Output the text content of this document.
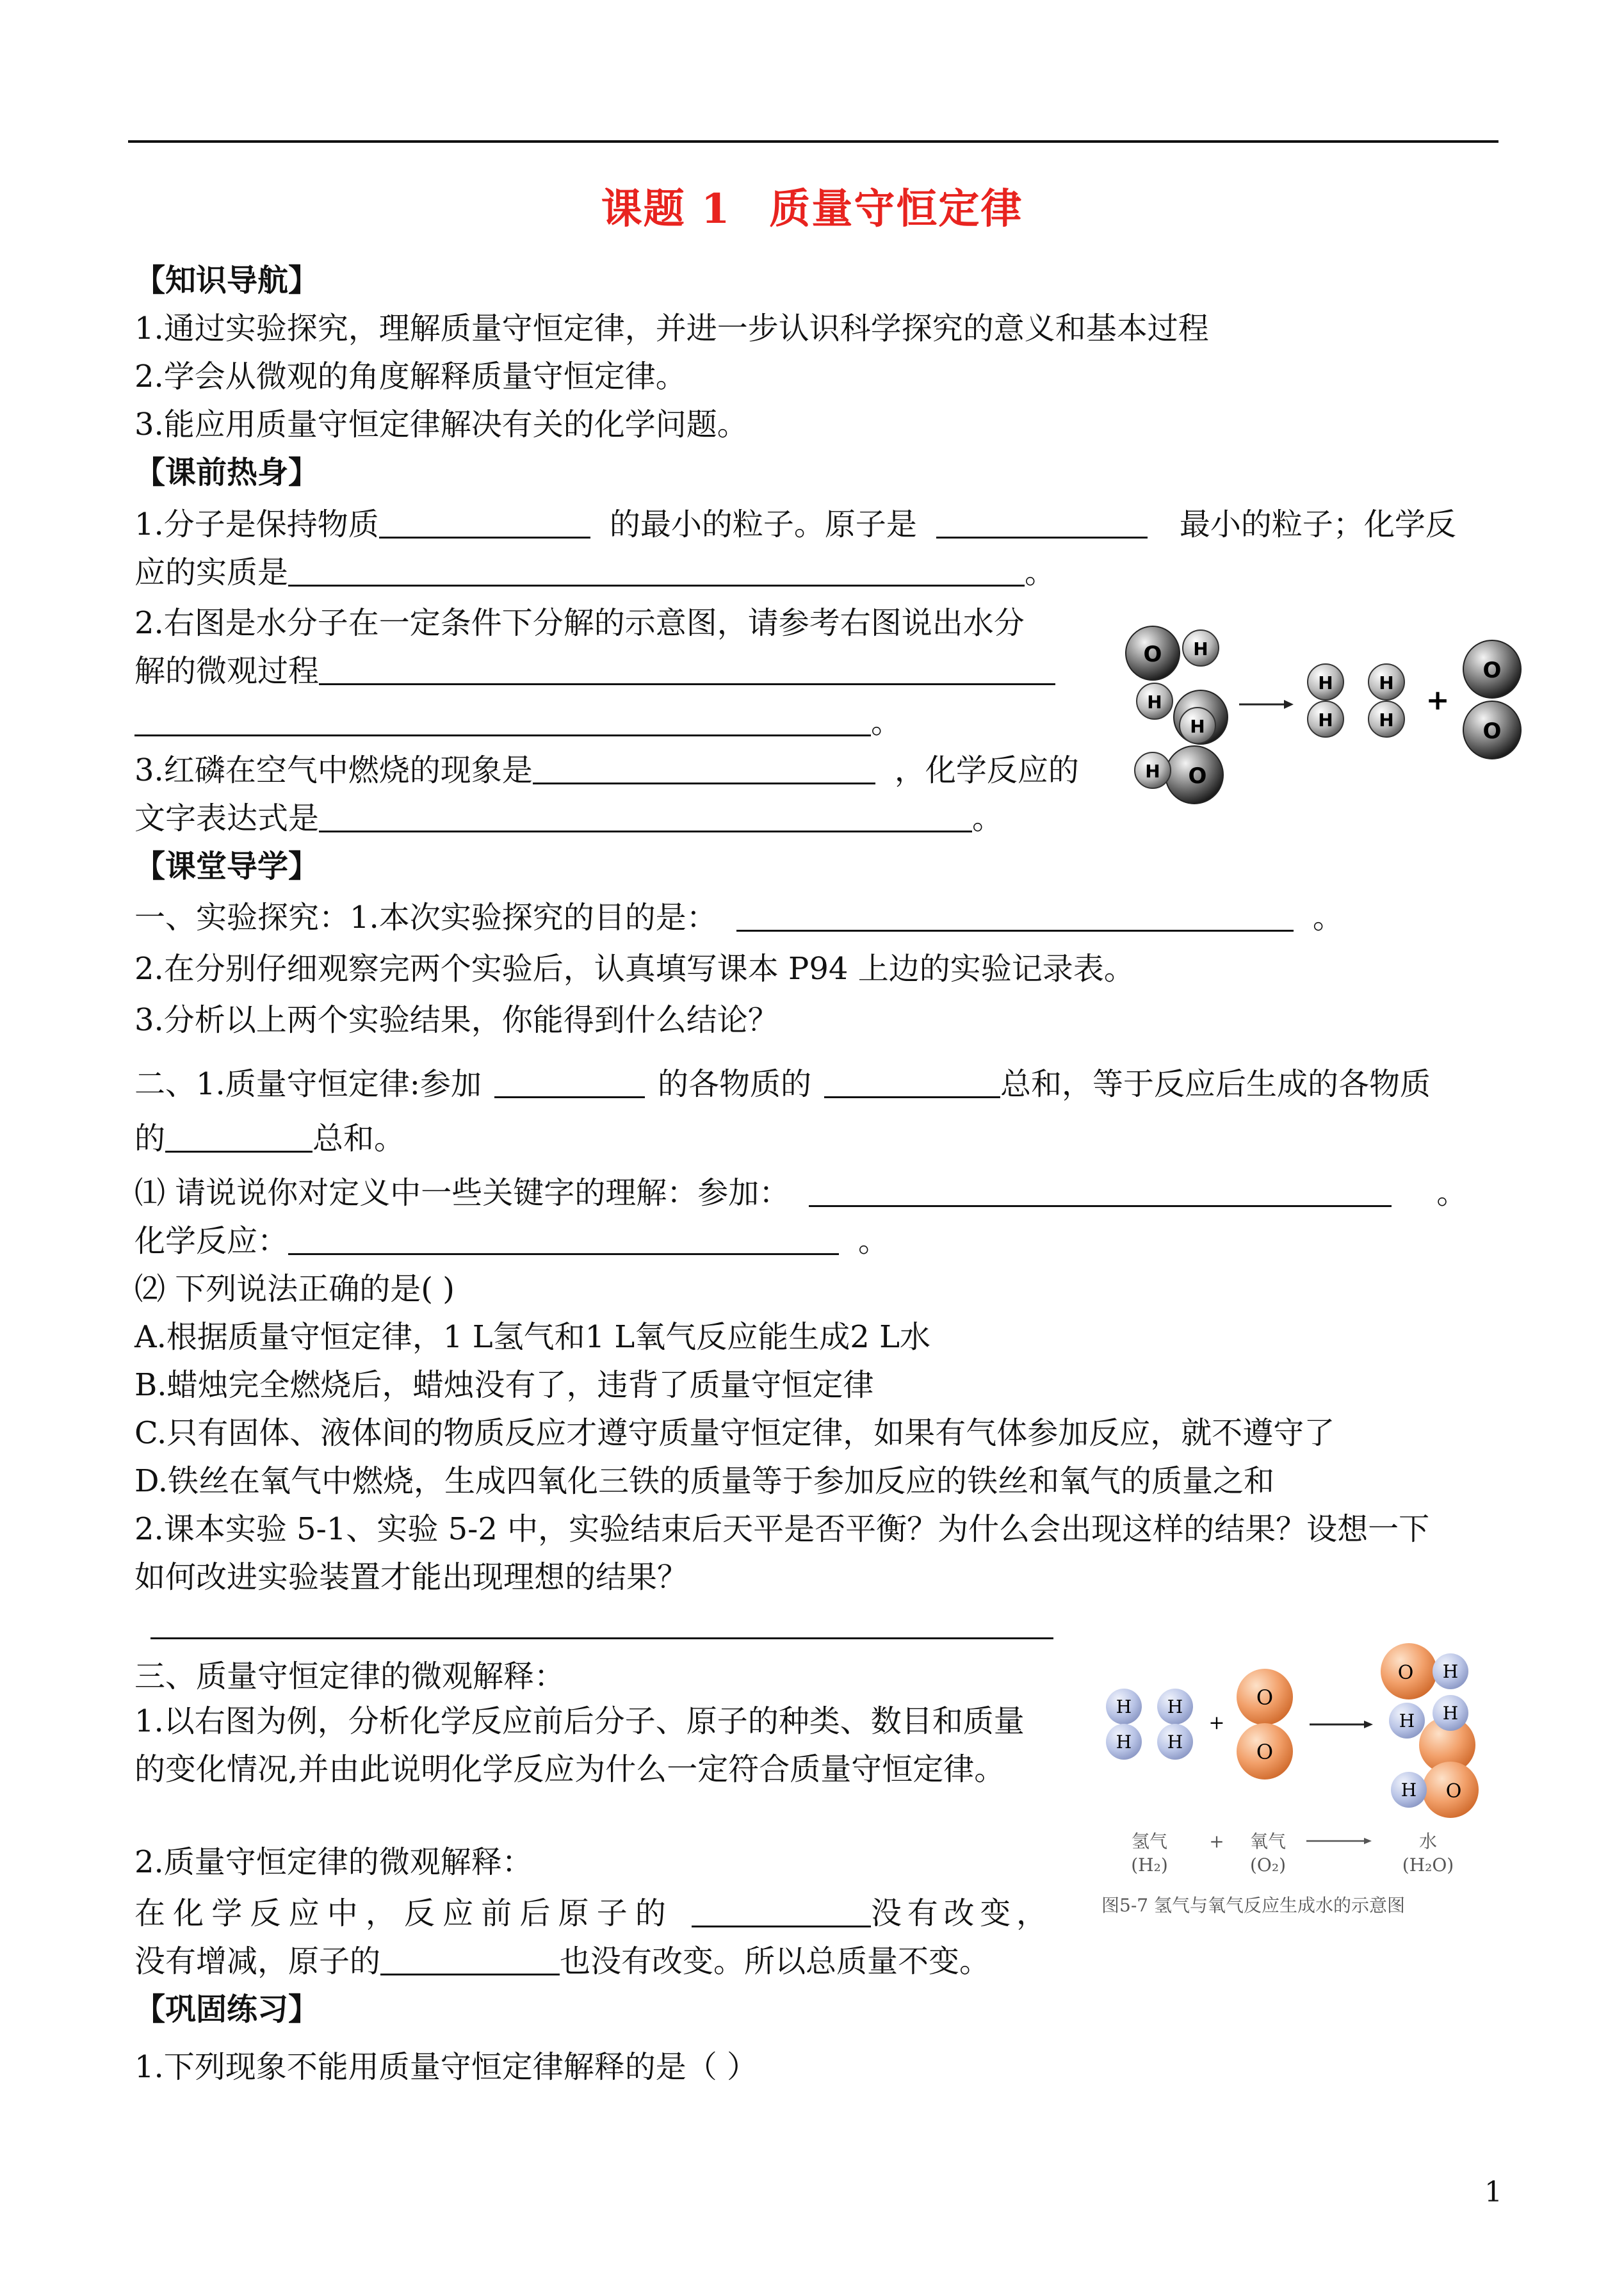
课题 1 质量守恒定律
【知识导航】
1.通过实验探究，理解质量守恒定律，并进一步认识科学探究的意义和基本过程
2.学会从微观的角度解释质量守恒定律。
3.能应用质量守恒定律解决有关的化学问题。
【课前热身】
1.分子是保持物质	的最小的粒子。原子是	最小的粒子；化学反
应的实质是	。
2.右图是水分子在一定条件下分解的示意图，请参考右图说出水分
解的微观过程
。
3.红磷在空气中燃烧的现象是	，化学反应的
文字表达式是	。
O H
H
H
H O
H
H
H
H
+
O
O
【课堂导学】
一、实验探究：1.本次实验探究的目的是：	。
2.在分别仔细观察完两个实验后，认真填写课本 P94 上边的实验记录表。
3.分析以上两个实验结果，你能得到什么结论？
二、1.质量守恒定律:参加	的各物质的	总和，等于反应后生成的各物质
的	总和。
⑴ 请说说你对定义中一些关键字的理解：参加：	。
化学反应：	。
⑵ 下列说法正确的是( )
A.根据质量守恒定律，1 L氢气和1 L氧气反应能生成2 L水
B.蜡烛完全燃烧后，蜡烛没有了，违背了质量守恒定律
C.只有固体、液体间的物质反应才遵守质量守恒定律，如果有气体参加反应，就不遵守了
D.铁丝在氧气中燃烧，生成四氧化三铁的质量等于参加反应的铁丝和氧气的质量之和
2.课本实验 5-1、实验 5-2 中，实验结束后天平是否平衡？为什么会出现这样的结果？设想一下
如何改进实验装置才能出现理想的结果？
三、质量守恒定律的微观解释：
1.以右图为例，分析化学反应前后分子、原子的种类、数目和质量
的变化情况,并由此说明化学反应为什么一定符合质量守恒定律。
2.质量守恒定律的微观解释：
在 化 学 反 应 中 ， 反 应 前 后 原 子 的	没 有 改 变 ，
没有增减，原子的	也没有改变。所以总质量不变。
H
H
H
H
+
O
O
O H
H H
O
H
氢气
(H₂)
+ 氧气
(O₂)
水
(H₂O)
图5-7 氢气与氧气反应生成水的示意图
【巩固练习】
1.下列现象不能用质量守恒定律解释的是（ ）
1
